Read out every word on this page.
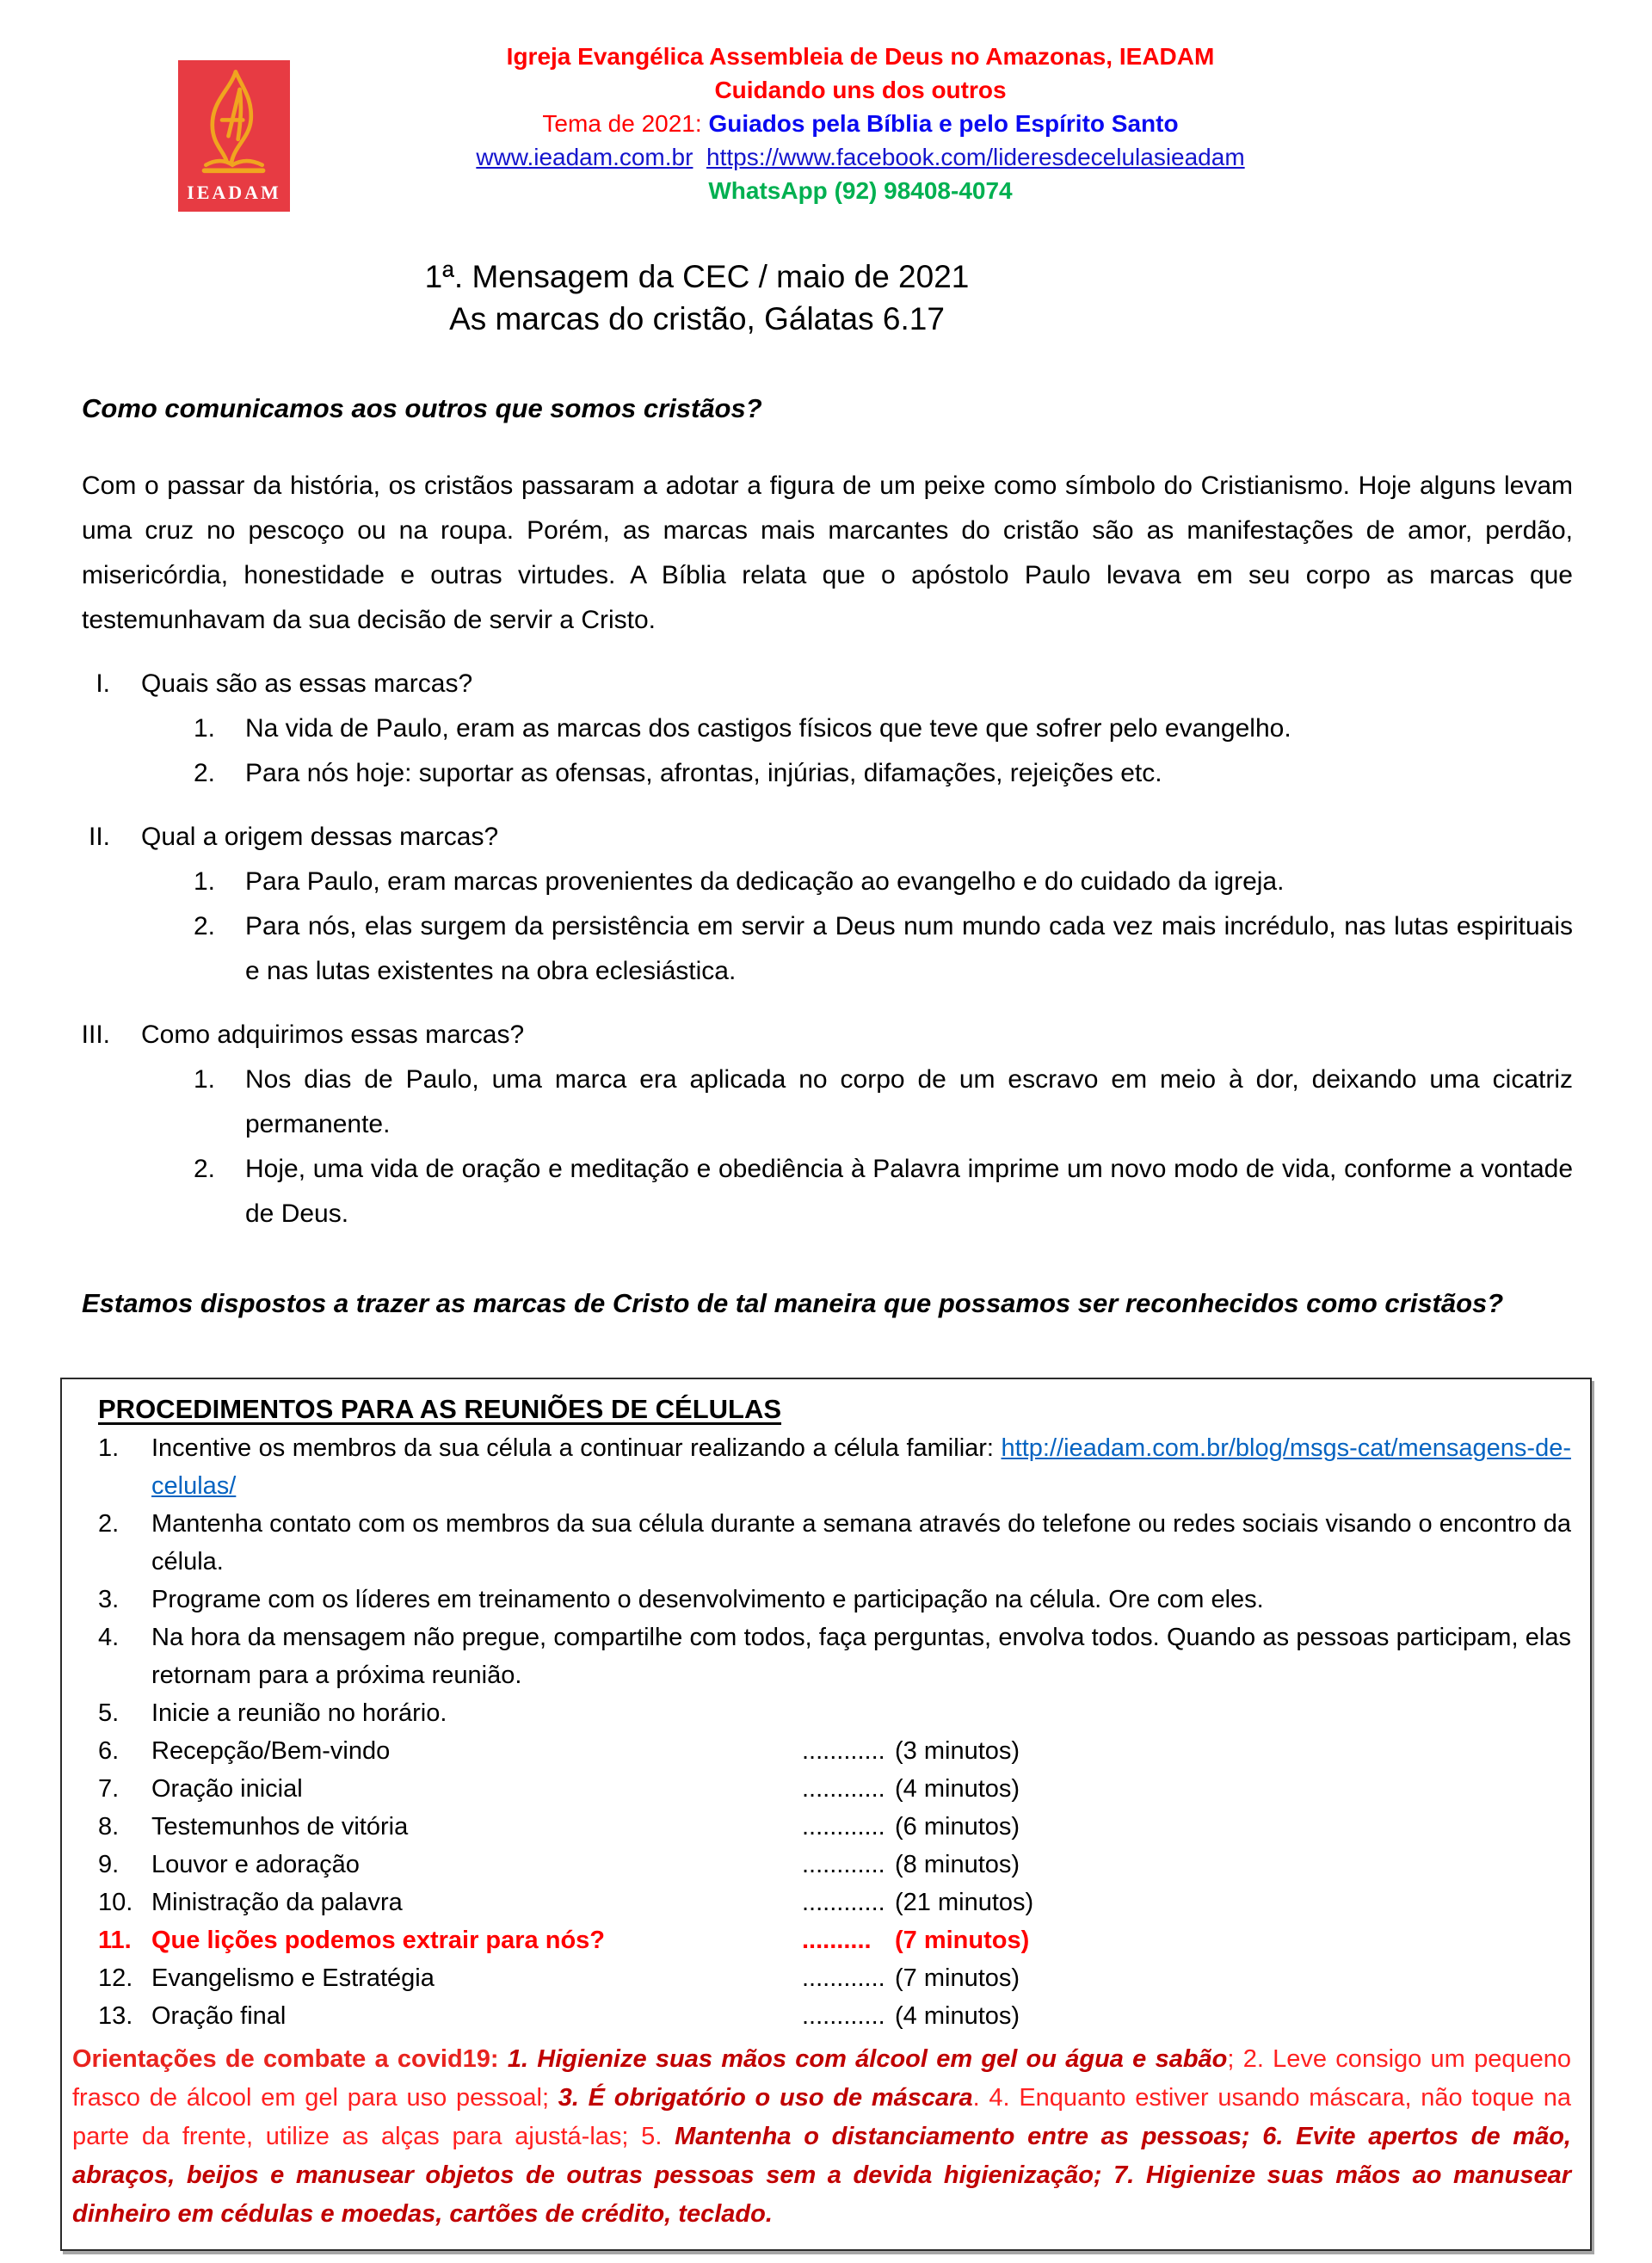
IEADAM
Igreja Evangélica Assembleia de Deus no Amazonas, IEADAM
Cuidando uns dos outros
Tema de 2021: Guiados pela Bíblia e pelo Espírito Santo
www.ieadam.com.br https://www.facebook.com/lideresdecelulasieadam
WhatsApp (92) 98408-4074
1ª. Mensagem da CEC / maio de 2021
As marcas do cristão, Gálatas 6.17
Como comunicamos aos outros que somos cristãos?
Com o passar da história, os cristãos passaram a adotar a figura de um peixe como símbolo do Cristianismo. Hoje alguns levam uma cruz no pescoço ou na roupa. Porém, as marcas mais marcantes do cristão são as manifestações de amor, perdão, misericórdia, honestidade e outras virtudes. A Bíblia relata que o apóstolo Paulo levava em seu corpo as marcas que testemunhavam da sua decisão de servir a Cristo.
I. Quais são as essas marcas?
1.	Na vida de Paulo, eram as marcas dos castigos físicos que teve que sofrer pelo evangelho.
2.	Para nós hoje: suportar as ofensas, afrontas, injúrias, difamações, rejeições etc.
II. Qual a origem dessas marcas?
1.	Para Paulo, eram marcas provenientes da dedicação ao evangelho e do cuidado da igreja.
2.	Para nós, elas surgem da persistência em servir a Deus num mundo cada vez mais incrédulo, nas lutas espirituais e nas lutas existentes na obra eclesiástica.
III. Como adquirimos essas marcas?
1.	Nos dias de Paulo, uma marca era aplicada no corpo de um escravo em meio à dor, deixando uma cicatriz permanente.
2.	Hoje, uma vida de oração e meditação e obediência à Palavra imprime um novo modo de vida, conforme a vontade de Deus.
Estamos dispostos a trazer as marcas de Cristo de tal maneira que possamos ser reconhecidos como cristãos?
PROCEDIMENTOS PARA AS REUNIÕES DE CÉLULAS
1.	Incentive os membros da sua célula a continuar realizando a célula familiar: http://ieadam.com.br/blog/msgs-cat/mensagens-de-celulas/
2.	Mantenha contato com os membros da sua célula durante a semana através do telefone ou redes sociais visando o encontro da célula.
3.	Programe com os líderes em treinamento o desenvolvimento e participação na célula. Ore com eles.
4.	Na hora da mensagem não pregue, compartilhe com todos, faça perguntas, envolva todos. Quando as pessoas participam, elas retornam para a próxima reunião.
5.	Inicie a reunião no horário.
6.	Recepção/Bem-vindo	............ (3 minutos)
7.	Oração inicial	............ (4 minutos)
8.	Testemunhos de vitória	............ (6 minutos)
9.	Louvor e adoração	............ (8 minutos)
10. Ministração da palavra	............ (21 minutos)
11. Que lições podemos extrair para nós?	.......... (7 minutos)
12. Evangelismo e Estratégia	............ (7 minutos)
13. Oração final	............ (4 minutos)
Orientações de combate a covid19: 1. Higienize suas mãos com álcool em gel ou água e sabão; 2. Leve consigo um pequeno frasco de álcool em gel para uso pessoal; 3. É obrigatório o uso de máscara. 4. Enquanto estiver usando máscara, não toque na parte da frente, utilize as alças para ajustá-las; 5. Mantenha o distanciamento entre as pessoas; 6. Evite apertos de mão, abraços, beijos e manusear objetos de outras pessoas sem a devida higienização; 7. Higienize suas mãos ao manusear dinheiro em cédulas e moedas, cartões de crédito, teclado.
